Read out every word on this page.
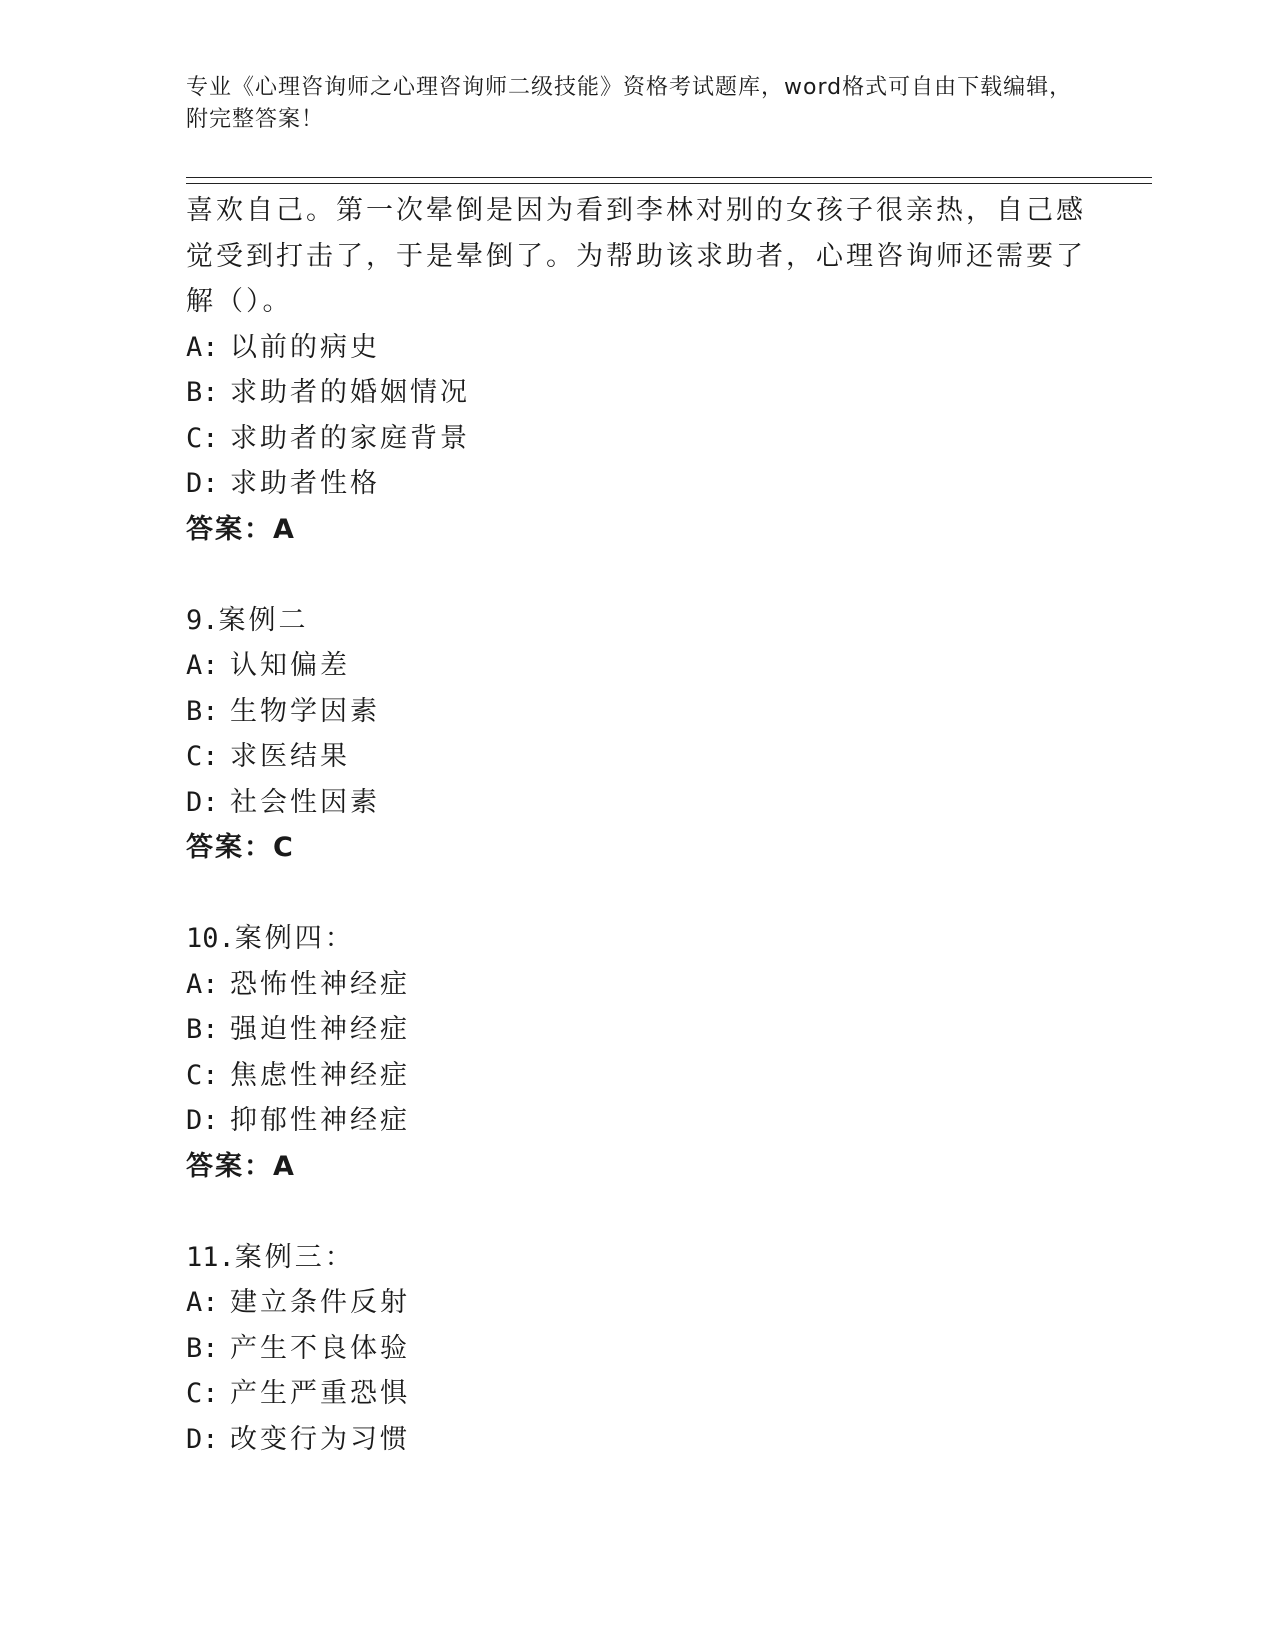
专业《心理咨询师之心理咨询师二级技能》资格考试题库，word格式可自由下载编辑，附完整答案！
喜欢自己。第一次晕倒是因为看到李林对别的女孩子很亲热，自己感
觉受到打击了，于是晕倒了。为帮助该求助者，心理咨询师还需要了
解（）。
A: 以前的病史
B: 求助者的婚姻情况
C: 求助者的家庭背景
D: 求助者性格
答案：A
9.案例二
A: 认知偏差
B: 生物学因素
C: 求医结果
D: 社会性因素
答案：C
10.案例四：
A: 恐怖性神经症
B: 强迫性神经症
C: 焦虑性神经症
D: 抑郁性神经症
答案：A
11.案例三：
A: 建立条件反射
B: 产生不良体验
C: 产生严重恐惧
D: 改变行为习惯
